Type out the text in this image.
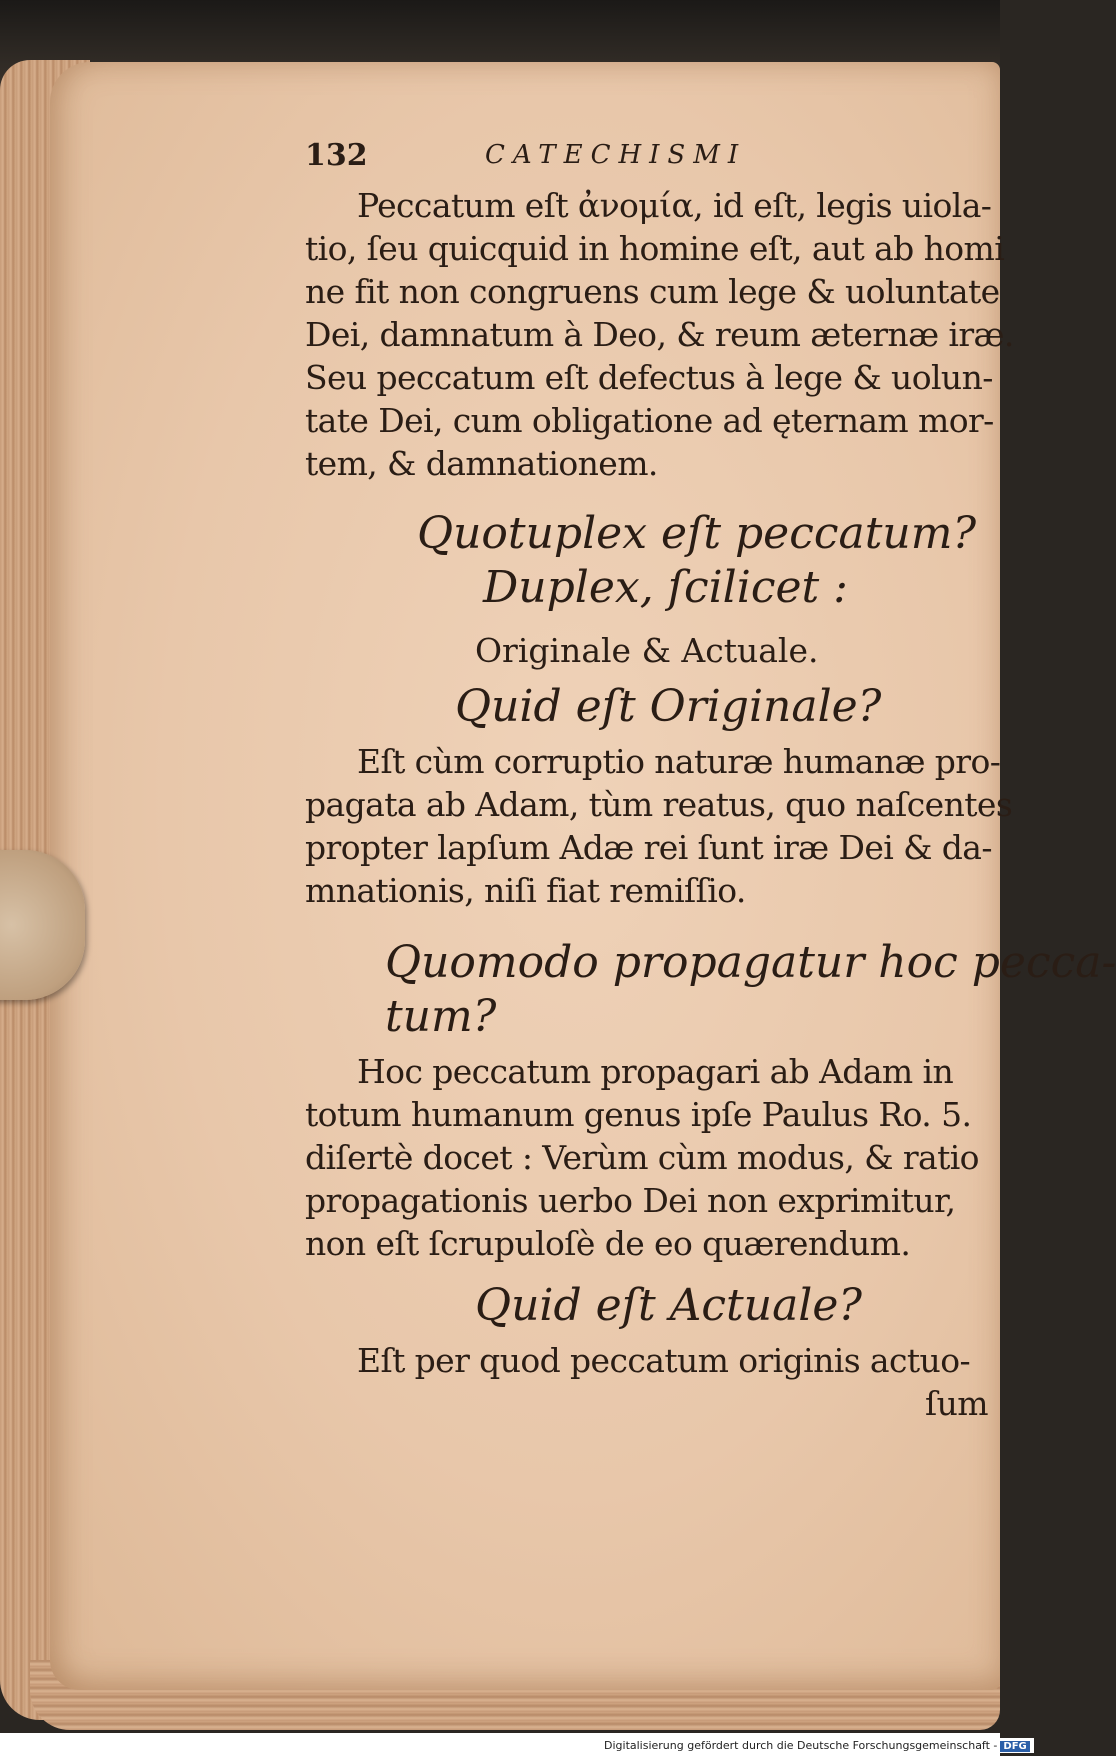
132	CATECHISMI
Peccatum eſt ἀνομία, id eſt, legis uiola-
tio, ſeu quicquid in homine eſt, aut ab homi
ne fit non congruens cum lege & uoluntate
Dei, damnatum à Deo, & reum æternæ iræ.
Seu peccatum eſt defectus à lege & uolun-
tate Dei, cum obligatione ad ęternam mor-
tem, & damnationem.
Quotuplex eſt peccatum?
Duplex, ſcilicet :
Originale & Actuale.
Quid eſt Originale?
Eſt cùm corruptio naturæ humanæ pro-
pagata ab Adam, tùm reatus, quo naſcentes
propter lapſum Adæ rei ſunt iræ Dei & da-
mnationis, niſi fiat remiſſio.
Quomodo propagatur hoc pecca-
tum?
Hoc peccatum propagari ab Adam in
totum humanum genus ipſe Paulus Ro. 5.
diſertè docet : Verùm cùm modus, & ratio
propagationis uerbo Dei non exprimitur,
non eſt ſcrupuloſè de eo quærendum.
Quid eſt Actuale?
Eſt per quod peccatum originis actuo-
ſum
Digitalisierung gefördert durch die Deutsche Forschungsgemeinschaft - DFG
